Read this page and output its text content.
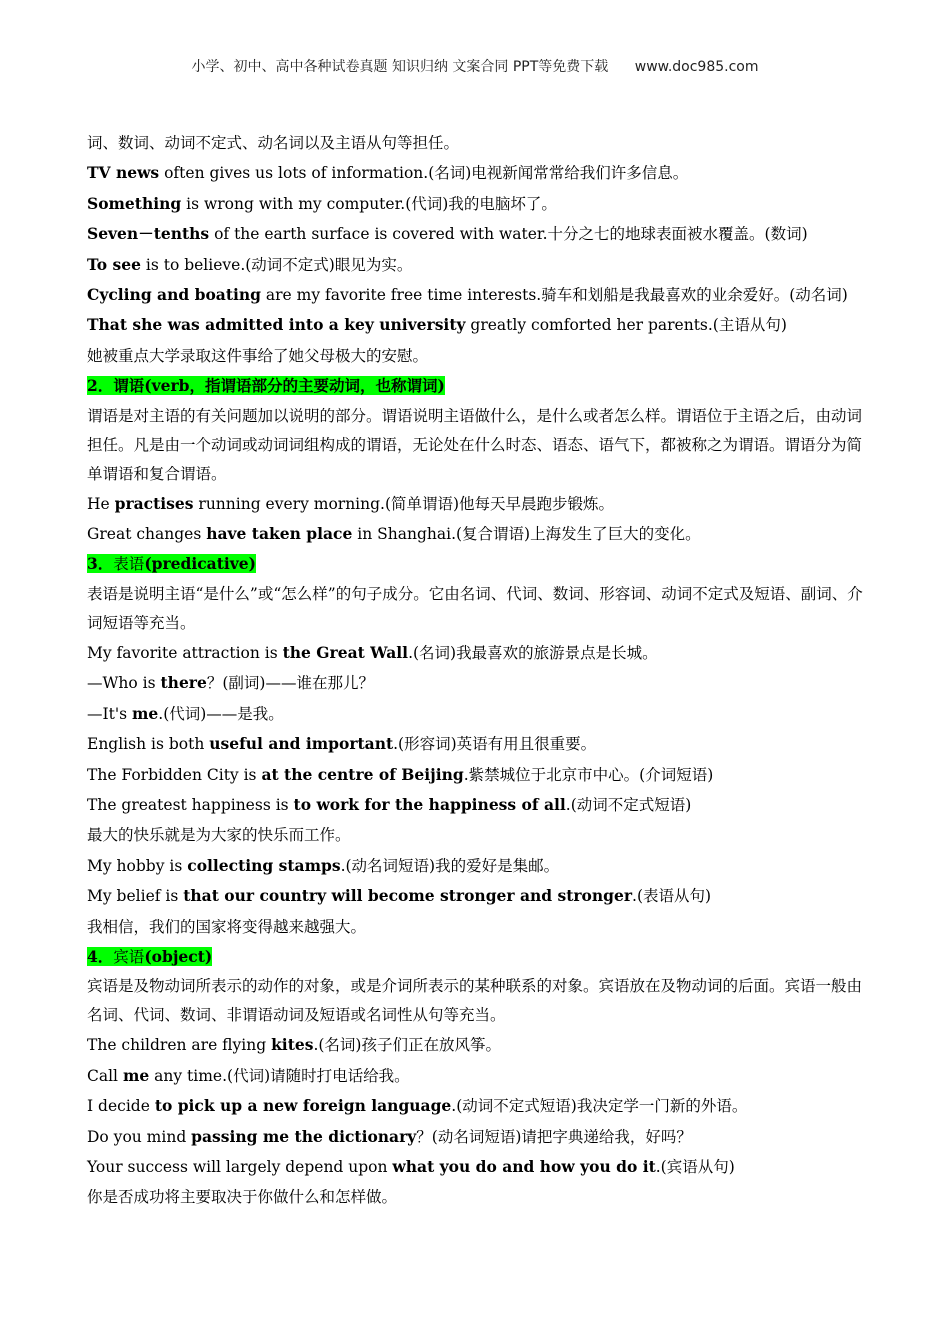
小学、初中、高中各种试卷真题 知识归纳 文案合同 PPT等免费下载 www.doc985.com

词、数词、动词不定式、动名词以及主语从句等担任。

TV news often gives us lots of information.(名词)电视新闻常常给我们许多信息。

Something is wrong with my computer.(代词)我的电脑坏了。

Seven－tenths of the earth surface is covered with water.十分之七的地球表面被水覆盖。(数词)

To see is to believe.(动词不定式)眼见为实。

Cycling and boating are my favorite free time interests.骑车和划船是我最喜欢的业余爱好。(动名词)

That she was admitted into a key university greatly comforted her parents.(主语从句)

她被重点大学录取这件事给了她父母极大的安慰。

2．谓语(verb，指谓语部分的主要动词，也称谓词)

谓语是对主语的有关问题加以说明的部分。谓语说明主语做什么，是什么或者怎么样。谓语位于主语之后，由动词担任。凡是由一个动词或动词词组构成的谓语，无论处在什么时态、语态、语气下，都被称之为谓语。谓语分为简单谓语和复合谓语。

He practises running every morning.(简单谓语)他每天早晨跑步锻炼。

Great changes have taken place in Shanghai.(复合谓语)上海发生了巨大的变化。

3．表语(predicative)

表语是说明主语“是什么”或“怎么样”的句子成分。它由名词、代词、数词、形容词、动词不定式及短语、副词、介词短语等充当。

My favorite attraction is the Great Wall.(名词)我最喜欢的旅游景点是长城。

—Who is there？(副词)——谁在那儿？

—It's me.(代词)——是我。

English is both useful and important.(形容词)英语有用且很重要。

The Forbidden City is at the centre of Beijing.紫禁城位于北京市中心。(介词短语)

The greatest happiness is to work for the happiness of all.(动词不定式短语)

最大的快乐就是为大家的快乐而工作。

My hobby is collecting stamps.(动名词短语)我的爱好是集邮。

My belief is that our country will become stronger and stronger.(表语从句)

我相信，我们的国家将变得越来越强大。

4．宾语(object)

宾语是及物动词所表示的动作的对象，或是介词所表示的某种联系的对象。宾语放在及物动词的后面。宾语一般由名词、代词、数词、非谓语动词及短语或名词性从句等充当。

The children are flying kites.(名词)孩子们正在放风筝。

Call me any time.(代词)请随时打电话给我。

I decide to pick up a new foreign language.(动词不定式短语)我决定学一门新的外语。

Do you mind passing me the dictionary？(动名词短语)请把字典递给我，好吗？

Your success will largely depend upon what you do and how you do it.(宾语从句)

你是否成功将主要取决于你做什么和怎样做。
